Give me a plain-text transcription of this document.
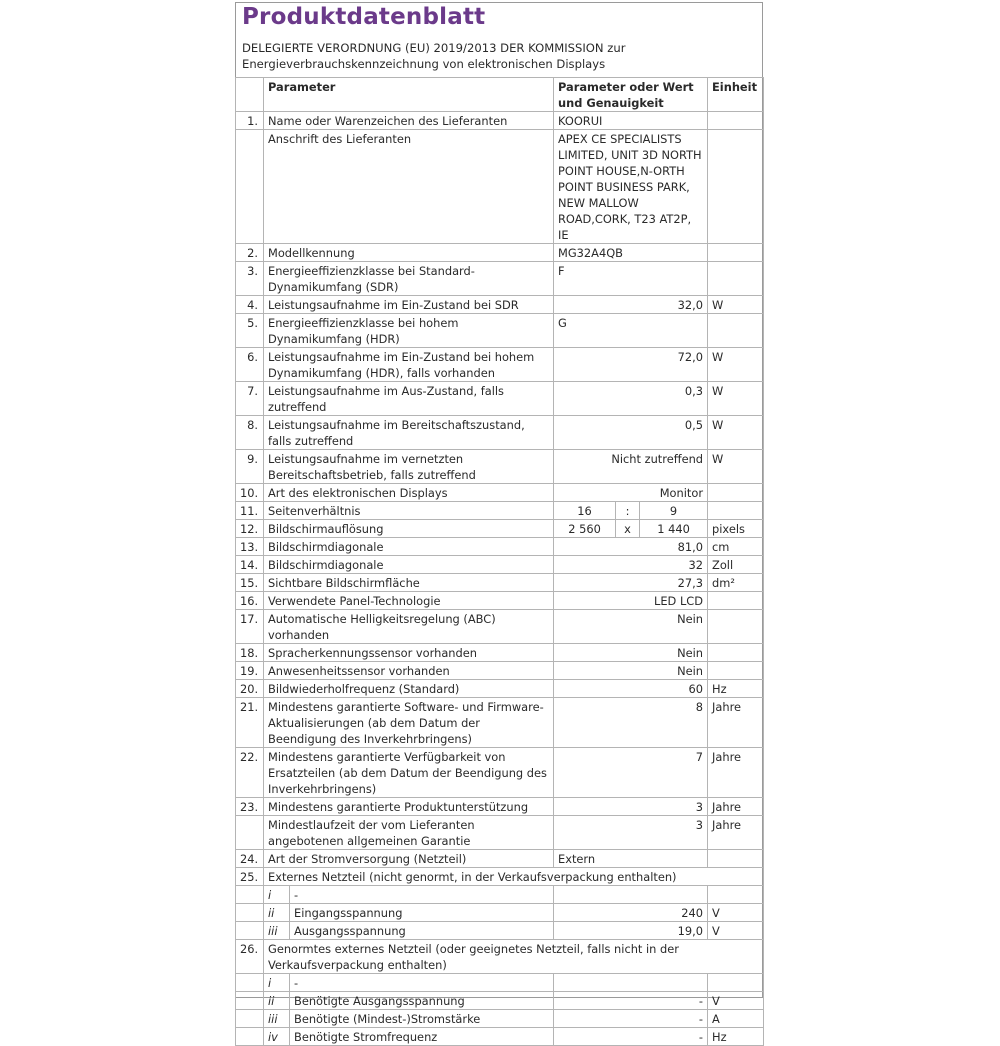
Produktdatenblatt
DELEGIERTE VERORDNUNG (EU) 2019/2013 DER KOMMISSION zur Energieverbrauchskennzeichnung von elektronischen Displays
	Parameter		Parameter oder Wert und Genauigkeit			Einheit
1.	Name oder Warenzeichen des Lieferanten		KOORUI			
	Anschrift des Lieferanten		APEX CE SPECIALISTS LIMITED, UNIT 3D NORTH POINT HOUSE,N-ORTH POINT BUSINESS PARK, NEW MALLOW ROAD,CORK, T23 AT2P, IE			
2.	Modellkennung		MG32A4QB			
3.	Energieeffizienzklasse bei Standard-Dynamikumfang (SDR)		F			
4.	Leistungsaufnahme im Ein-Zustand bei SDR		32,0			W
5.	Energieeffizienzklasse bei hohem Dynamikumfang (HDR)		G			
6.	Leistungsaufnahme im Ein-Zustand bei hohem Dynamikumfang (HDR), falls vorhanden		72,0			W
7.	Leistungsaufnahme im Aus-Zustand, falls zutreffend		0,3			W
8.	Leistungsaufnahme im Bereitschaftszustand, falls zutreffend		0,5			W
9.	Leistungsaufnahme im vernetzten Bereitschaftsbetrieb, falls zutreffend		Nicht zutreffend			W
10.	Art des elektronischen Displays		Monitor			
11.	Seitenverhältnis		16	:	9	
12.	Bildschirmauflösung		2 560	x	1 440	pixels
13.	Bildschirmdiagonale		81,0			cm
14.	Bildschirmdiagonale		32			Zoll
15.	Sichtbare Bildschirmfläche		27,3			dm²
16.	Verwendete Panel-Technologie		LED LCD			
17.	Automatische Helligkeitsregelung (ABC) vorhanden		Nein			
18.	Spracherkennungssensor vorhanden		Nein			
19.	Anwesenheitssensor vorhanden		Nein			
20.	Bildwiederholfrequenz (Standard)		60			Hz
21.	Mindestens garantierte Software- und Firmware-Aktualisierungen (ab dem Datum der Beendigung des Inverkehrbringens)		8			Jahre
22.	Mindestens garantierte Verfügbarkeit von Ersatzteilen (ab dem Datum der Beendigung des Inverkehrbringens)		7			Jahre
23.	Mindestens garantierte Produktunterstützung		3			Jahre
	Mindestlaufzeit der vom Lieferanten angebotenen allgemeinen Garantie		3			Jahre
24.	Art der Stromversorgung (Netzteil)		Extern			
25.	Externes Netzteil (nicht genormt, in der Verkaufsverpackung enthalten)					
	i	-				
	ii	Eingangsspannung	240			V
	iii	Ausgangsspannung	19,0			V
26.	Genormtes externes Netzteil (oder geeignetes Netzteil, falls nicht in der Verkaufsverpackung enthalten)					
	i	-				
	ii	Benötigte Ausgangsspannung	-			V
	iii	Benötigte (Mindest-)Stromstärke	-			A
	iv	Benötigte Stromfrequenz	-			Hz
